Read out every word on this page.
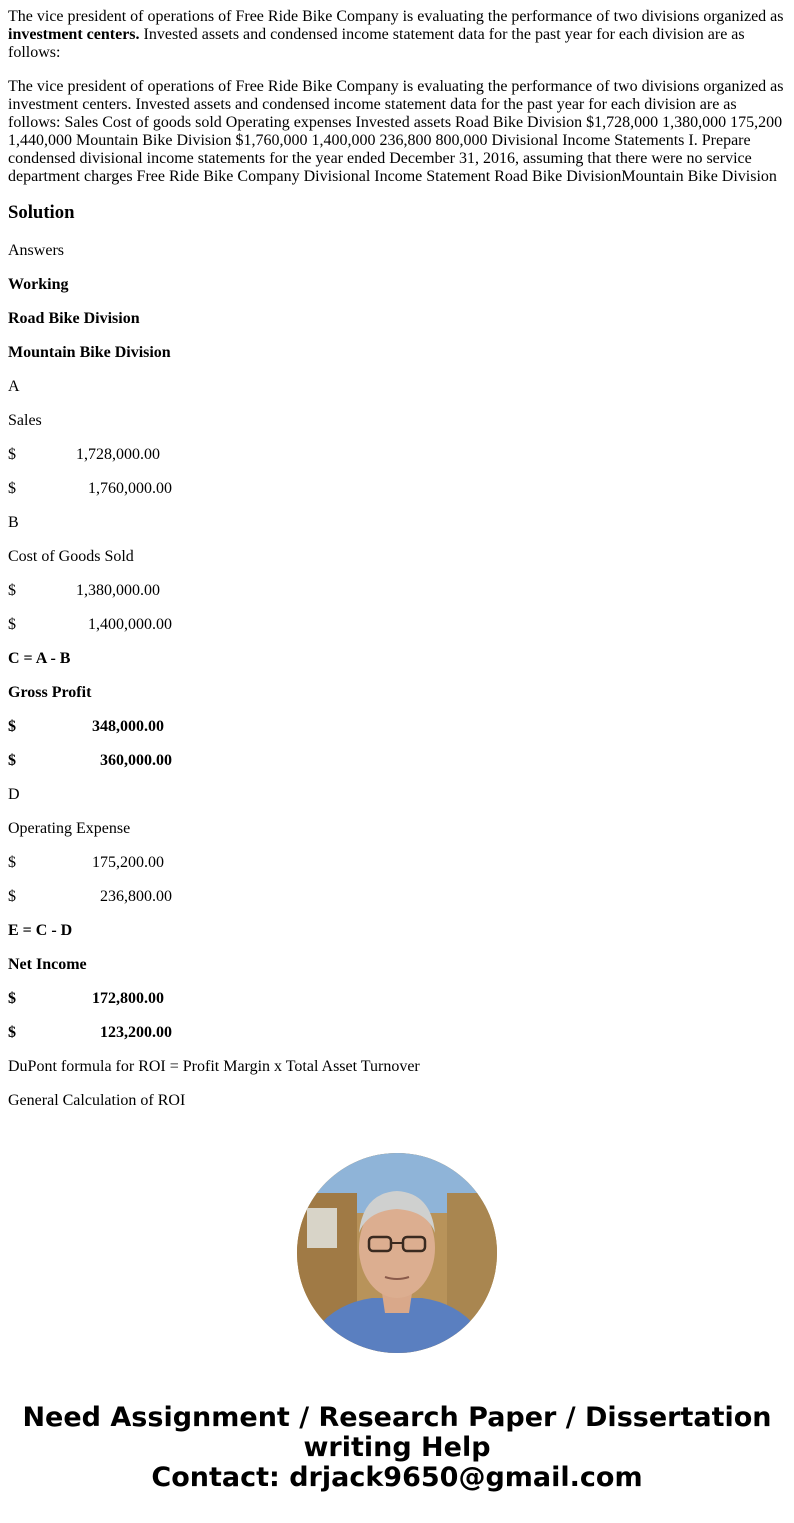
The vice president of operations of Free Ride Bike Company is evaluating the performance of two divisions organized as investment centers. Invested assets and condensed income statement data for the past year for each division are as follows:

The vice president of operations of Free Ride Bike Company is evaluating the performance of two divisions organized as investment centers. Invested assets and condensed income statement data for the past year for each division are as follows: Sales Cost of goods sold Operating expenses Invested assets Road Bike Division $1,728,000 1,380,000 175,200 1,440,000 Mountain Bike Division $1,760,000 1,400,000 236,800 800,000 Divisional Income Statements I. Prepare condensed divisional income statements for the year ended December 31, 2016, assuming that there were no service department charges Free Ride Bike Company Divisional Income Statement Road Bike DivisionMountain Bike Division

Solution

Answers

Working

Road Bike Division

Mountain Bike Division

A

Sales

$               1,728,000.00

$                  1,760,000.00

B

Cost of Goods Sold

$               1,380,000.00

$                  1,400,000.00

C = A - B

Gross Profit

$                   348,000.00

$                     360,000.00

D

Operating Expense

$                   175,200.00

$                     236,800.00

E = C - D

Net Income

$                   172,800.00

$                     123,200.00

DuPont formula for ROI = Profit Margin x Total Asset Turnover

General Calculation of ROI

Need Assignment / Research Paper / Dissertation
writing Help
Contact: drjack9650@gmail.com
